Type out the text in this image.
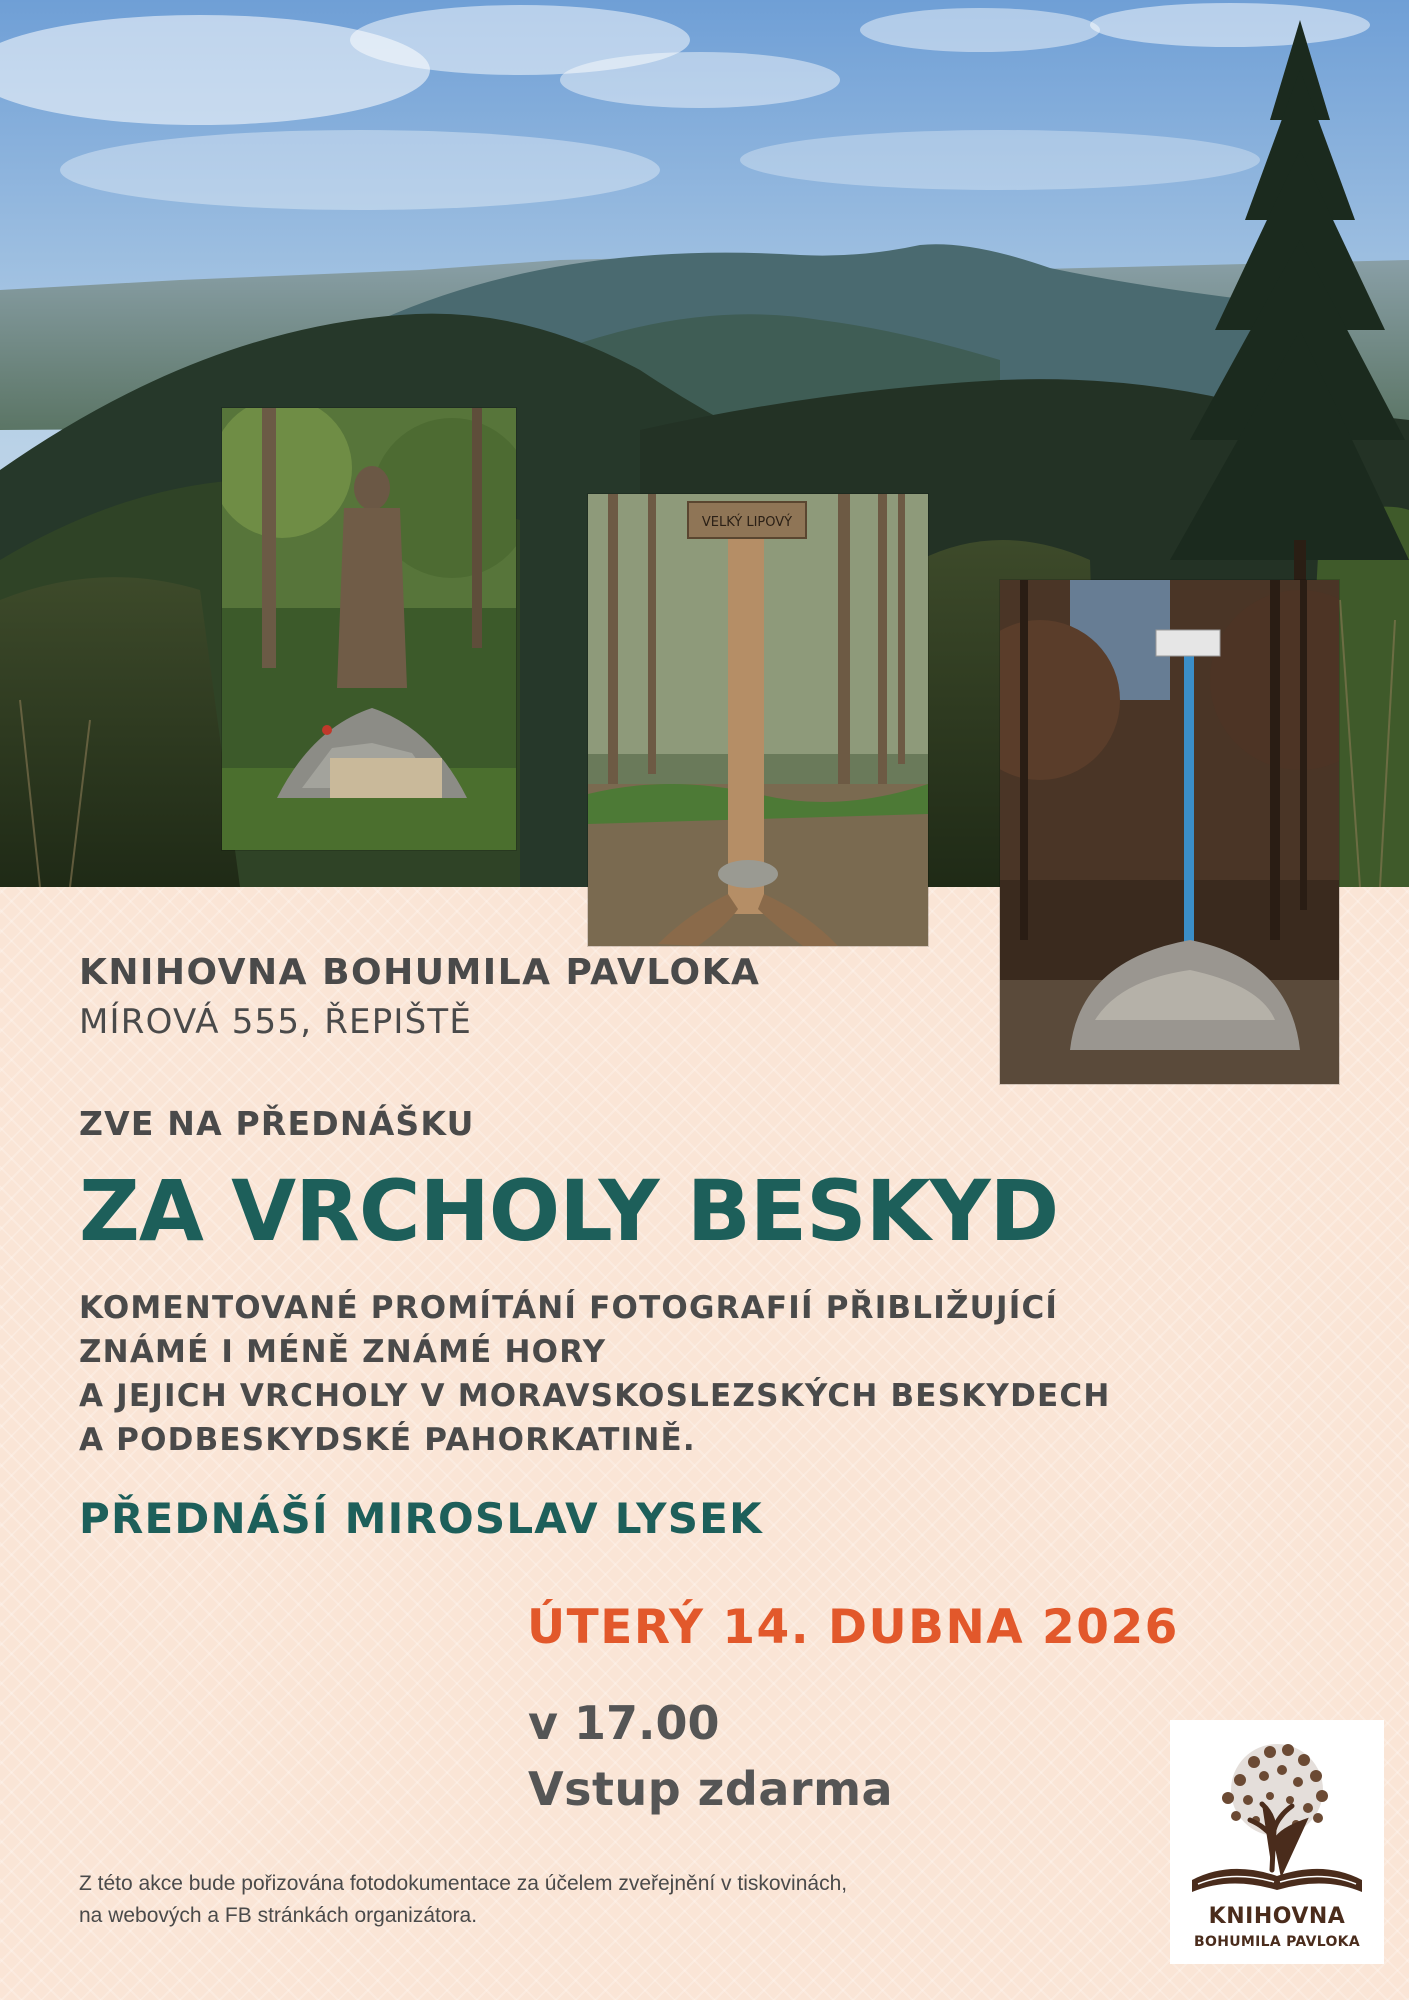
VELKÝ LIPOVÝ

KNIHOVNA BOHUMILA PAVLOKA

MÍROVÁ 555, ŘEPIŠTĚ

ZVE NA PŘEDNÁŠKU

ZA VRCHOLY BESKYD
KOMENTOVANÉ PROMÍTÁNÍ FOTOGRAFIÍ PŘIBLIŽUJÍCÍ
ZNÁMÉ I MÉNĚ ZNÁMÉ HORY
A JEJICH VRCHOLY V MORAVSKOSLEZSKÝCH BESKYDECH
A PODBESKYDSKÉ PAHORKATINĚ.

PŘEDNÁŠÍ MIROSLAV LYSEK

ÚTERÝ 14. DUBNA 2026

v 17.00

Vstup zdarma

Z této akce bude pořizována fotodokumentace za účelem zveřejnění v tiskovinách,
na webových a FB stránkách organizátora.	KNIHOVNA
BOHUMILA PAVLOKA
